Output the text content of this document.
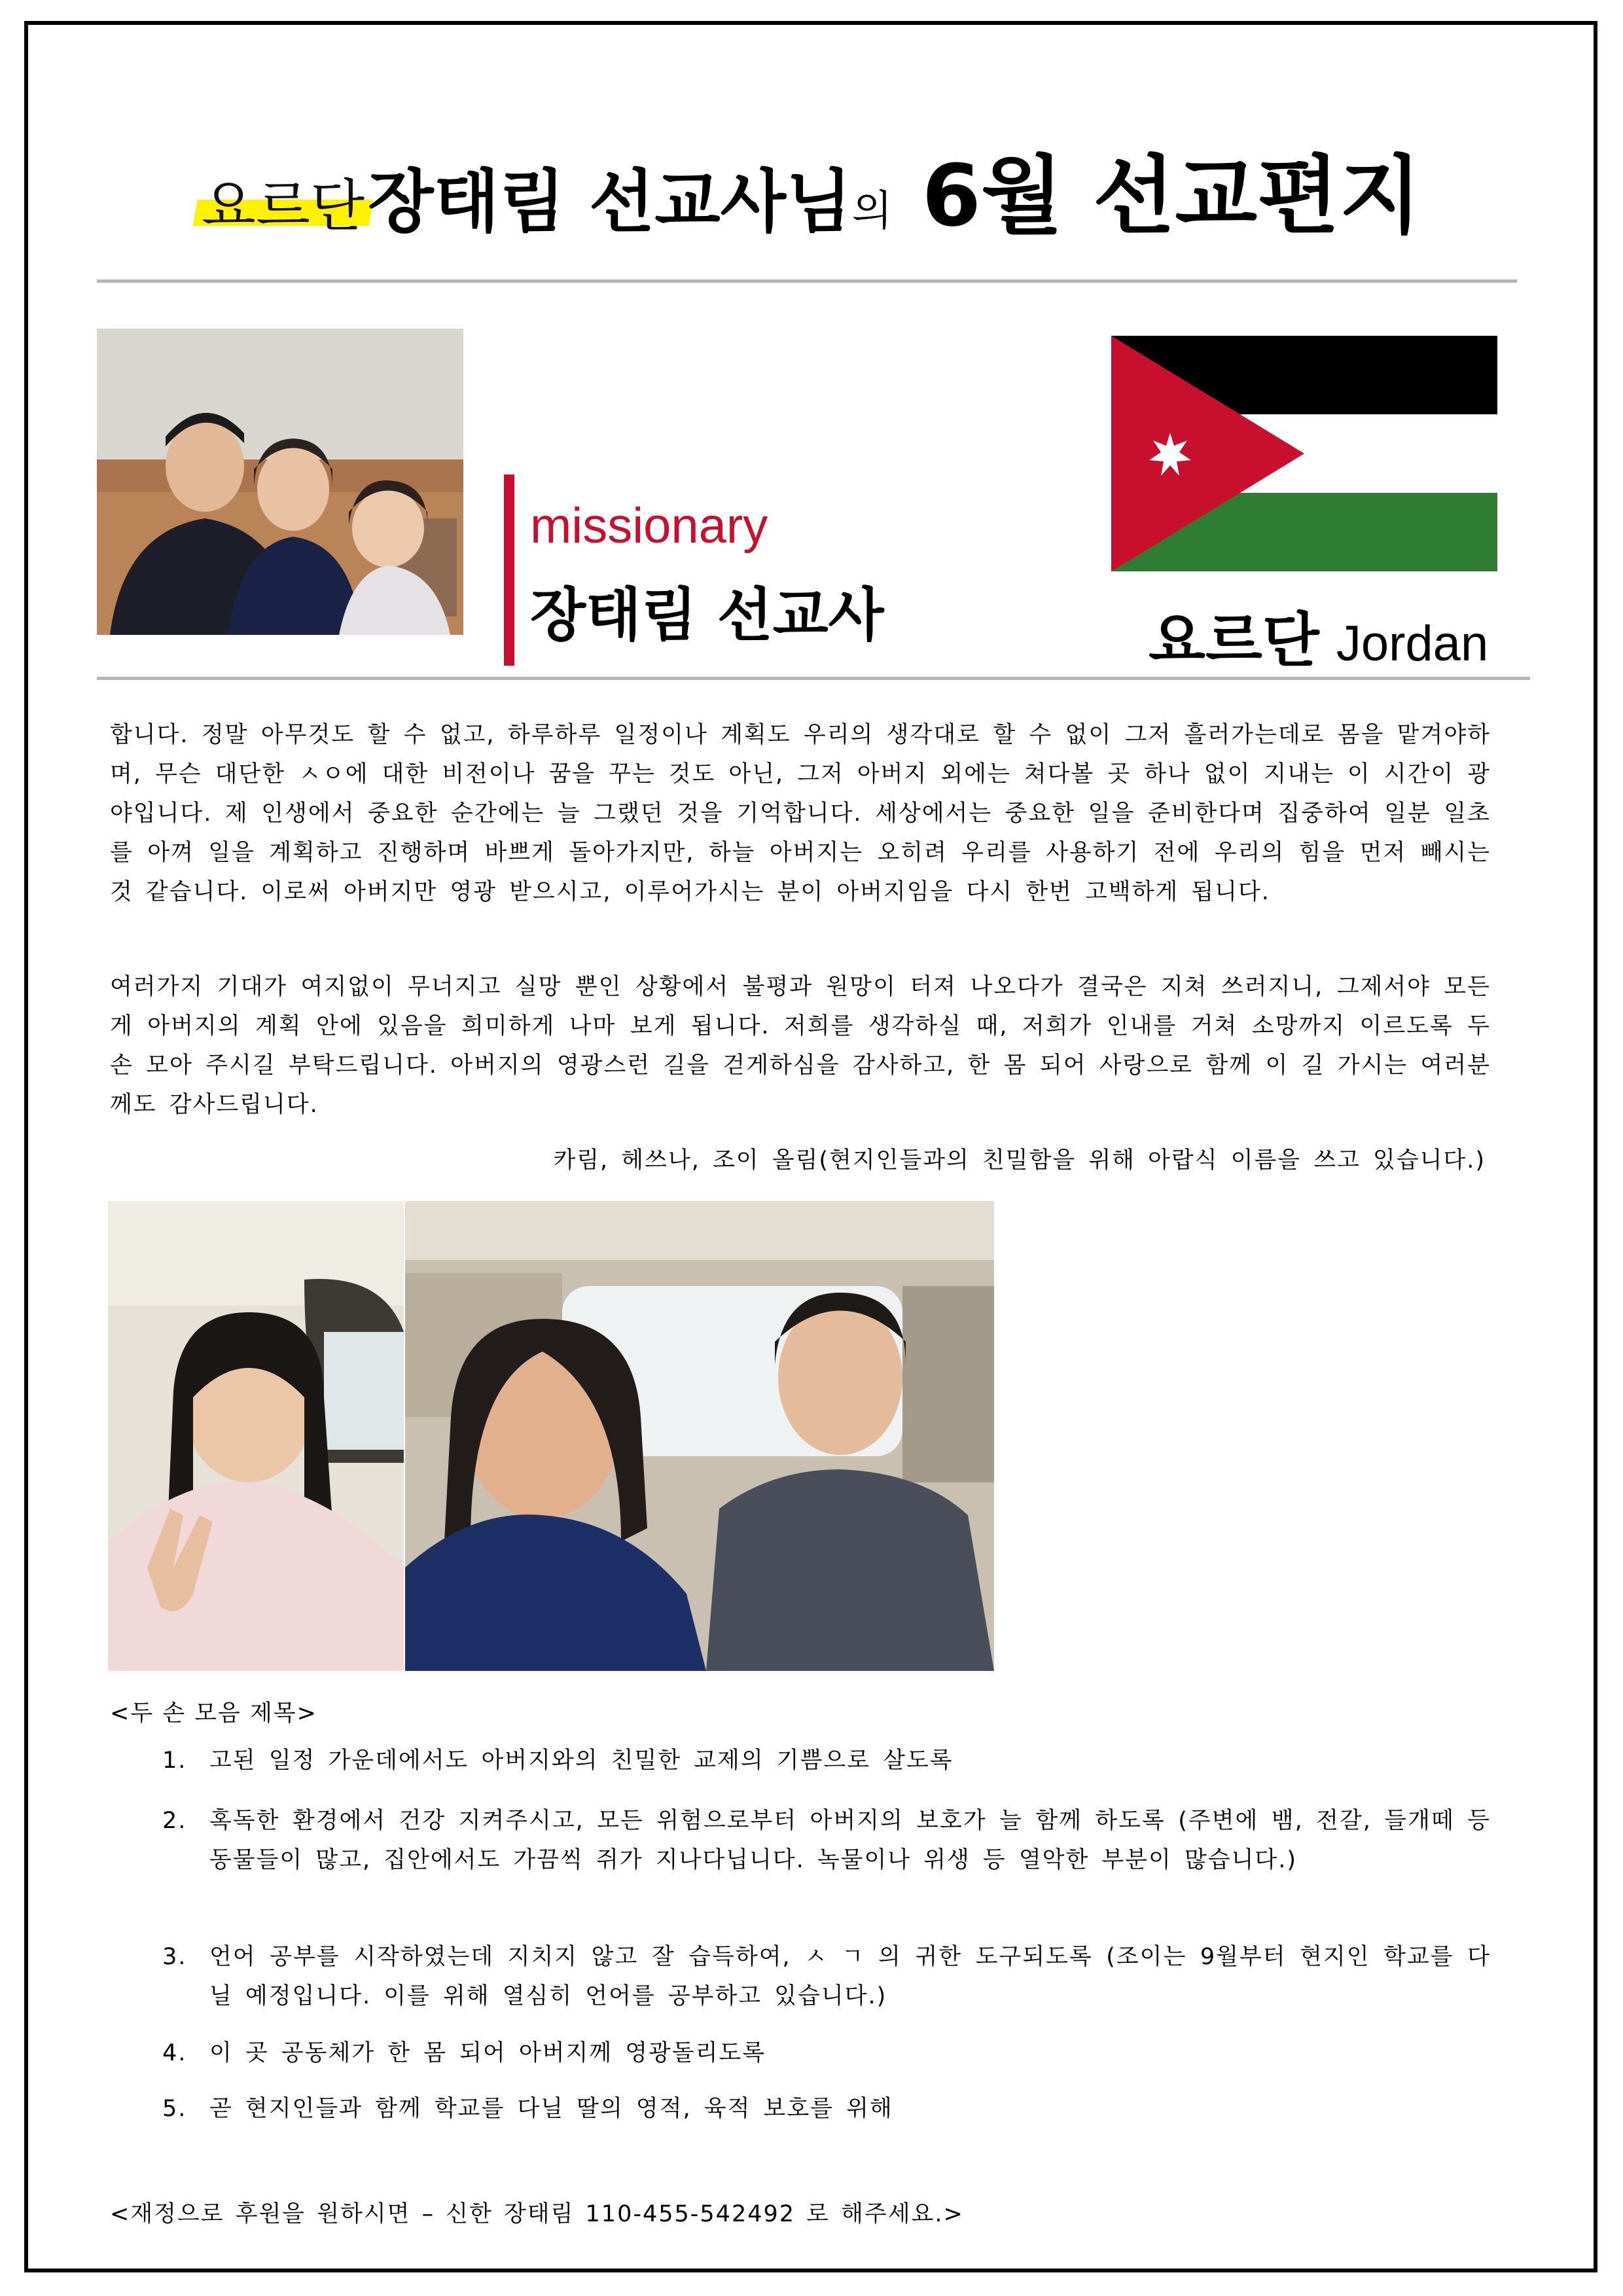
요르단 장태림 선교사님의 6월 선교편지
missionary
장태림 선교사	요르단 Jordan
합니다. 정말 아무것도 할 수 없고, 하루하루 일정이나 계획도 우리의 생각대로 할 수 없이 그저 흘러가는데로 몸을 맡겨야하며, 무슨 대단한 ㅅㅇ에 대한 비전이나 꿈을 꾸는 것도 아닌, 그저 아버지 외에는 쳐다볼 곳 하나 없이 지내는 이 시간이 광야입니다. 제 인생에서 중요한 순간에는 늘 그랬던 것을 기억합니다. 세상에서는 중요한 일을 준비한다며 집중하여 일분 일초를 아껴 일을 계획하고 진행하며 바쁘게 돌아가지만, 하늘 아버지는 오히려 우리를 사용하기 전에 우리의 힘을 먼저 빼시는 것 같습니다. 이로써 아버지만 영광 받으시고, 이루어가시는 분이 아버지임을 다시 한번 고백하게 됩니다.
여러가지 기대가 여지없이 무너지고 실망 뿐인 상황에서 불평과 원망이 터져 나오다가 결국은 지쳐 쓰러지니, 그제서야 모든 게 아버지의 계획 안에 있음을 희미하게 나마 보게 됩니다. 저희를 생각하실 때, 저희가 인내를 거쳐 소망까지 이르도록 두 손 모아 주시길 부탁드립니다. 아버지의 영광스런 길을 걷게하심을 감사하고, 한 몸 되어 사랑으로 함께 이 길 가시는 여러분께도 감사드립니다.
카림, 헤쓰나, 조이 올림(현지인들과의 친밀함을 위해 아랍식 이름을 쓰고 있습니다.)
<두 손 모음 제목>
1. 고된 일정 가운데에서도 아버지와의 친밀한 교제의 기쁨으로 살도록
2. 혹독한 환경에서 건강 지켜주시고, 모든 위험으로부터 아버지의 보호가 늘 함께 하도록 (주변에 뱀, 전갈, 들개떼 등 동물들이 많고, 집안에서도 가끔씩 쥐가 지나다닙니다. 녹물이나 위생 등 열악한 부분이 많습니다.)
3. 언어 공부를 시작하였는데 지치지 않고 잘 습득하여, ㅅ ㄱ 의 귀한 도구되도록 (조이는 9월부터 현지인 학교를 다닐 예정입니다. 이를 위해 열심히 언어를 공부하고 있습니다.)
4. 이 곳 공동체가 한 몸 되어 아버지께 영광돌리도록
5. 곧 현지인들과 함께 학교를 다닐 딸의 영적, 육적 보호를 위해
<재정으로 후원을 원하시면 – 신한 장태림 110-455-542492 로 해주세요.>
